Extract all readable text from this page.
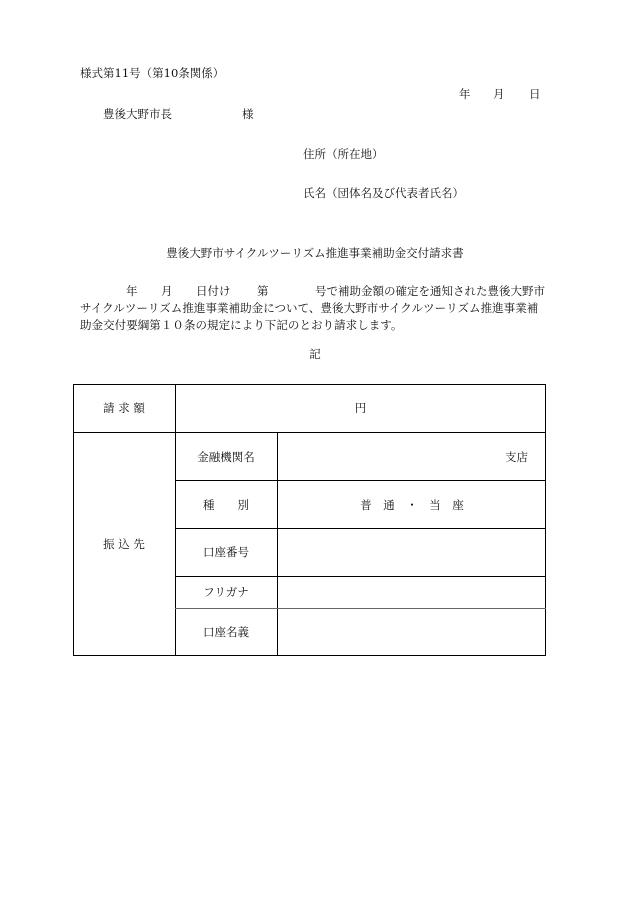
様式第11号（第10条関係）
年 月 日
豊後大野市長	様
住所（所在地）
氏名（団体名及び代表者氏名）
豊後大野市サイクルツーリズム推進事業補助金交付請求書
年 月 日付け 第	号で補助金額の確定を通知された豊後大野市
サイクルツーリズム推進事業補助金について、豊後大野市サイクルツーリズム推進事業補
助金交付要綱第１０条の規定により下記のとおり請求します。
記
請 求 額	円
振 込 先
金融機関名	支店
種　　別	普　通　・　当　座
口座番号
フリガナ
口座名義
